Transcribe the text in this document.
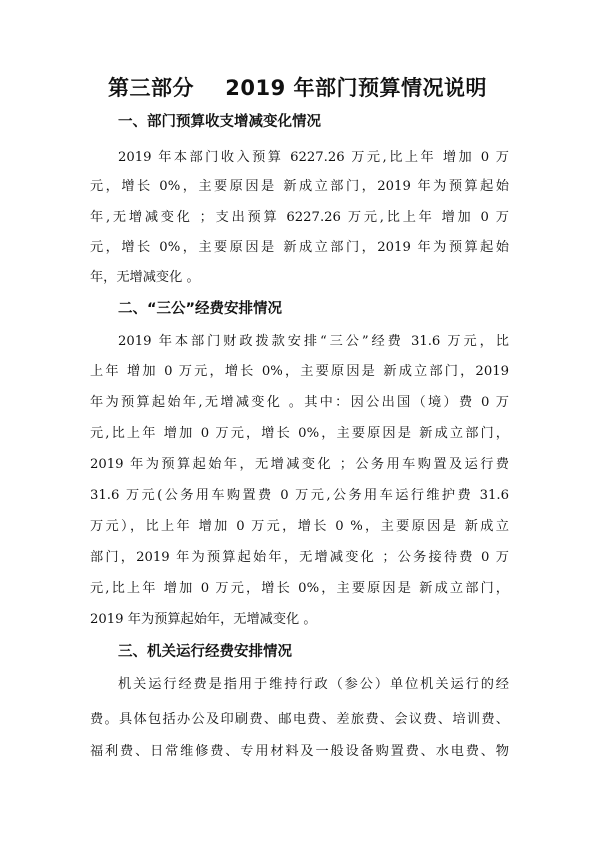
第三部分    2019 年部门预算情况说明
一、部门预算收支增减变化情况
2019 年本部门收入预算 6227.26 万元,比上年 增加 0 万
元，增长 0%，主要原因是 新成立部门，2019 年为预算起始
年,无增减变化 ；支出预算 6227.26 万元,比上年 增加 0 万
元，增长 0%，主要原因是 新成立部门，2019 年为预算起始
年，无增减变化 。
二、“三公”经费安排情况
2019 年本部门财政拨款安排“三公”经费 31.6 万元，比
上年 增加 0 万元，增长 0%，主要原因是 新成立部门，2019
年为预算起始年,无增减变化 。其中：因公出国（境）费 0 万
元,比上年 增加 0 万元，增长 0%，主要原因是 新成立部门，
2019 年为预算起始年，无增减变化 ；公务用车购置及运行费
31.6 万元(公务用车购置费 0 万元,公务用车运行维护费 31.6
万元），比上年 增加 0 万元，增长 0 %，主要原因是 新成立
部门，2019 年为预算起始年，无增减变化 ；公务接待费 0 万
元,比上年 增加 0 万元，增长 0%，主要原因是 新成立部门，
2019 年为预算起始年，无增减变化 。
三、机关运行经费安排情况
机关运行经费是指用于维持行政（参公）单位机关运行的经
费。具体包括办公及印刷费、邮电费、差旅费、会议费、培训费、
福利费、日常维修费、专用材料及一般设备购置费、水电费、物
